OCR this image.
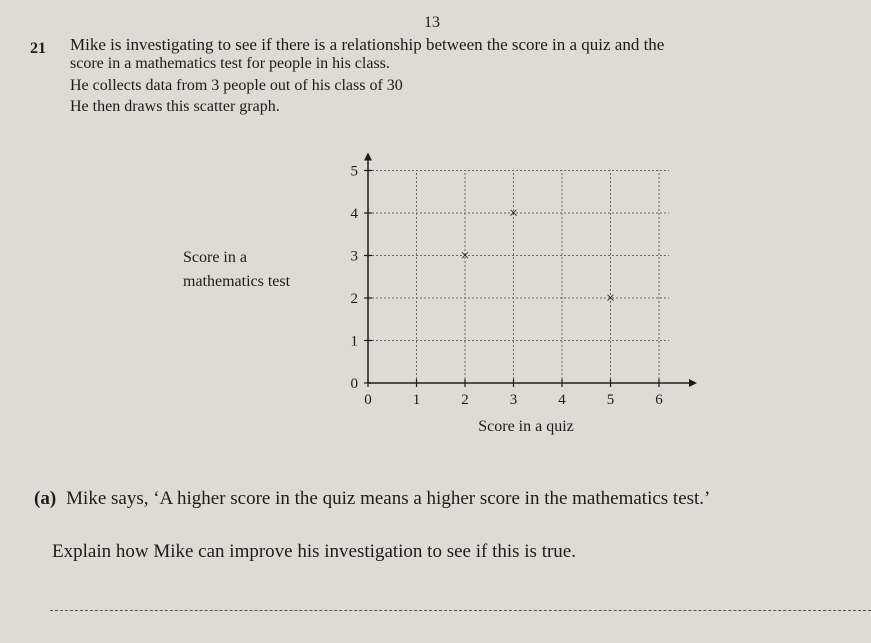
13
21 Mike is investigating to see if there is a relationship between the score in a quiz and the
score in a mathematics test for people in his class.
He collects data from 3 people out of his class of 30
He then draws this scatter graph.
Score in a
mathematics test
0	1	2	3	4	5	6
0
1
2
3
4
5
×
×
×
Score in a quiz
(a) Mike says, ‘A higher score in the quiz means a higher score in the mathematics test.’
Explain how Mike can improve his investigation to see if this is true.
